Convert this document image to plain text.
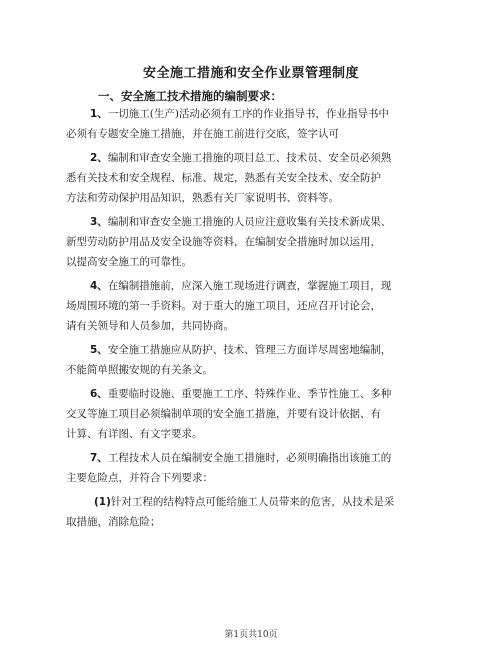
安全施工措施和安全作业票管理制度
一、安全施工技术措施的编制要求：
1、一切施工(生产)活动必须有工序的作业指导书，作业指导书中
必须有专题安全施工措施，并在施工前进行交底，签字认可
2、编制和审查安全施工措施的项目总工、技术员、安全员必须熟
悉有关技术和安全规程、标准、规定，熟悉有关安全技术、安全防护
方法和劳动保护用品知识，熟悉有关厂家说明书、资料等。
3、编制和审查安全施工措施的人员应注意收集有关技术新成果、
新型劳动防护用品及安全设施等资料，在编制安全措施时加以运用，
以提高安全施工的可靠性。
4、在编制措施前，应深入施工现场进行调查，掌握施工项目，现
场周围环境的第一手资料。对于重大的施工项目，还应召开讨论会，
请有关领导和人员参加，共同协商。
5、安全施工措施应从防护、技术、管理三方面详尽周密地编制，
不能简单照搬安规的有关条文。
6、重要临时设施、重要施工工序、特殊作业、季节性施工、多种
交叉等施工项目必须编制单项的安全施工措施，并要有设计依据、有
计算、有详图、有文字要求。
7、工程技术人员在编制安全施工措施时，必须明确指出该施工的
主要危险点，并符合下列要求：
(1)针对工程的结构特点可能给施工人员带来的危害，从技术是采
取措施，消除危险；
第1页共10页
